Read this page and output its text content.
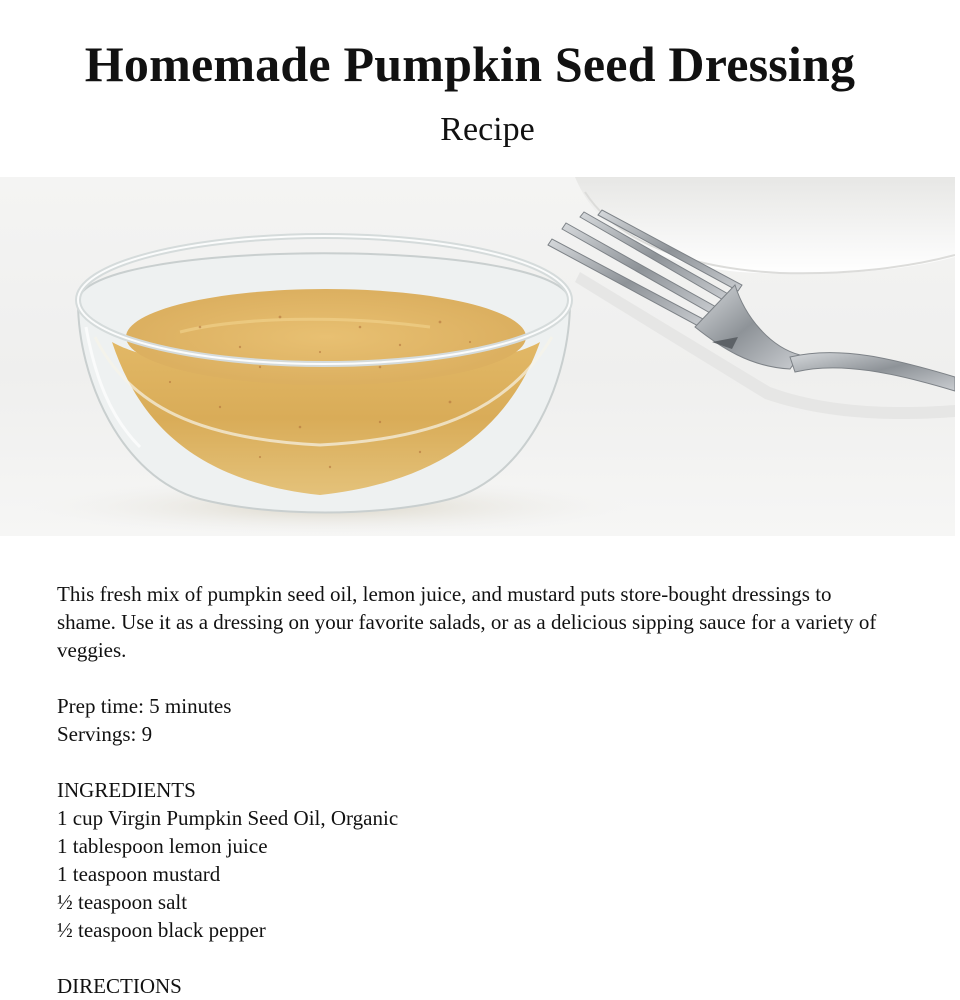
Homemade Pumpkin Seed Dressing
Recipe

This fresh mix of pumpkin seed oil, lemon juice, and mustard puts store-bought dressings to shame. Use it as a dressing on your favorite salads, or as a delicious sipping sauce for a variety of veggies.

Prep time: 5 minutes

Servings: 9

INGREDIENTS

1 cup Virgin Pumpkin Seed Oil, Organic
1 tablespoon lemon juice
1 teaspoon mustard
½ teaspoon salt
½ teaspoon black pepper

DIRECTIONS
